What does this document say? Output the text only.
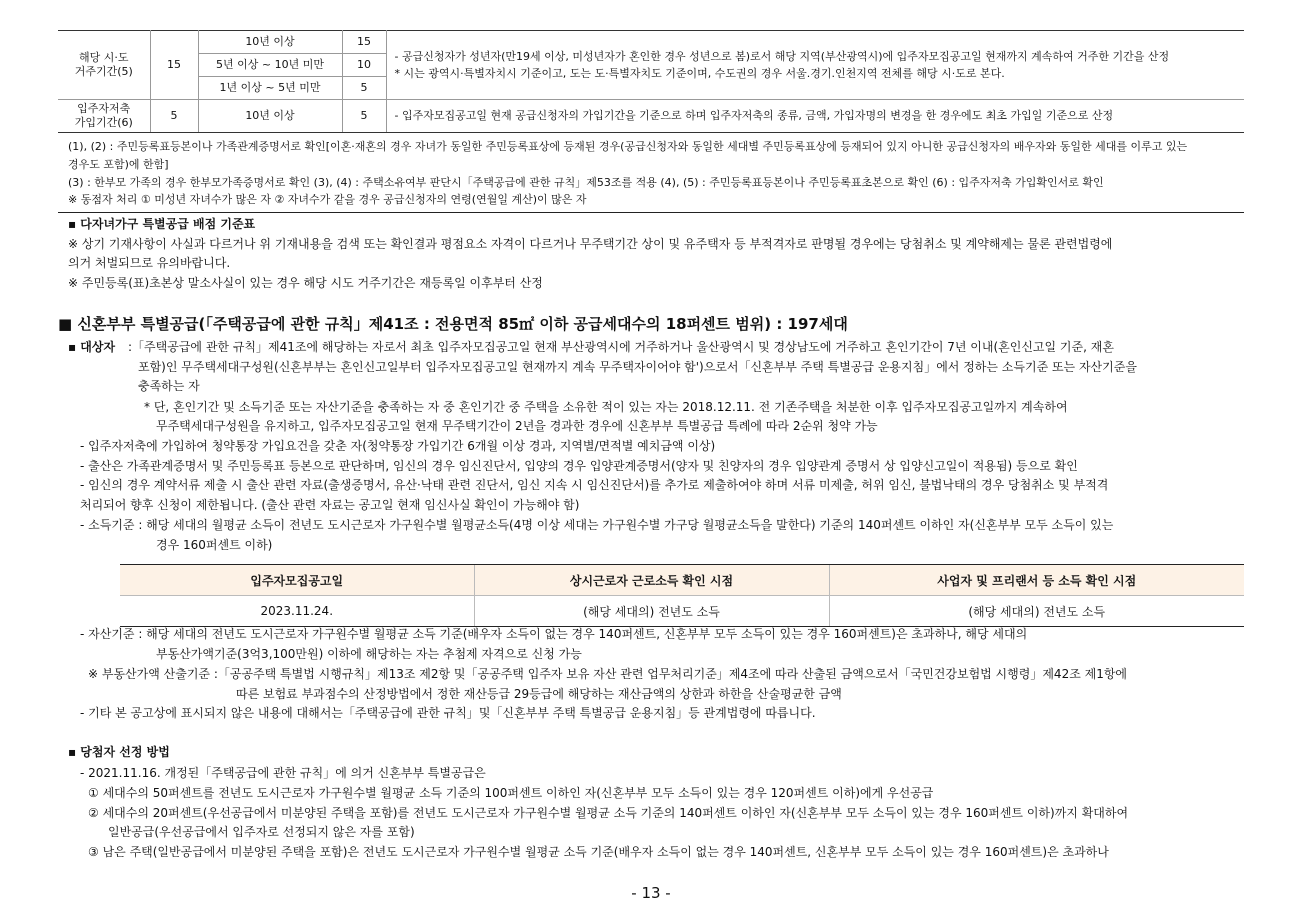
해당 시·도
거주기간(5)	15	10년 이상	15	- 공급신청자가 성년자(만19세 이상, 미성년자가 혼인한 경우 성년으로 봄)로서 해당 지역(부산광역시)에 입주자모집공고일 현재까지 계속하여 거주한 기간을 산정
* 시는 광역시·특별자치시 기준이고, 도는 도·특별자치도 기준이며, 수도권의 경우 서울.경기.인천지역 전체를 해당 시·도로 본다.
		5년 이상 ~ 10년 미만	10	
		1년 이상 ~ 5년 미만	5	
입주자저축
가입기간(6)	5	10년 이상	5	- 입주자모집공고일 현재 공급신청자의 가입기간을 기준으로 하며 입주자저축의 종류, 금액, 가입자명의 변경을 한 경우에도 최초 가입일 기준으로 산정
(1), (2) : 주민등록표등본이나 가족관계증명서로 확인[이혼·재혼의 경우 자녀가 동일한 주민등록표상에 등재된 경우(공급신청자와 동일한 세대별 주민등록표상에 등재되어 있지 아니한 공급신청자의 배우자와 동일한 세대를 이루고 있는
경우도 포함)에 한함]
(3) : 한부모 가족의 경우 한부모가족증명서로 확인 (3), (4) : 주택소유여부 판단시「주택공급에 관한 규칙」제53조를 적용 (4), (5) : 주민등록표등본이나 주민등록표초본으로 확인 (6) : 입주자저축 가입확인서로 확인
※ 동점자 처리 ① 미성년 자녀수가 많은 자 ② 자녀수가 같을 경우 공급신청자의 연령(연월일 계산)이 많은 자
▪ 다자녀가구 특별공급 배점 기준표
※ 상기 기재사항이 사실과 다르거나 위 기재내용을 검색 또는 확인결과 평점요소 자격이 다르거나 무주택기간 상이 및 유주택자 등 부적격자로 판명될 경우에는 당첨취소 및 계약해제는 물론 관련법령에
의거 처벌되므로 유의바랍니다.
※ 주민등록(표)초본상 말소사실이 있는 경우 해당 시도 거주기간은 재등록일 이후부터 산정
■ 신혼부부 특별공급(「주택공급에 관한 규칙」제41조 : 전용면적 85㎡ 이하 공급세대수의 18퍼센트 범위) : 197세대
▪ 대상자 :「주택공급에 관한 규칙」제41조에 해당하는 자로서 최초 입주자모집공고일 현재 부산광역시에 거주하거나 울산광역시 및 경상남도에 거주하고 혼인기간이 7년 이내(혼인신고일 기준, 재혼
포함)인 무주택세대구성원(신혼부부는 혼인신고일부터 입주자모집공고일 현재까지 계속 무주택자이어야 함')으로서「신혼부부 주택 특별공급 운용지침」에서 정하는 소득기준 또는 자산기준을
충족하는 자
* 단, 혼인기간 및 소득기준 또는 자산기준을 충족하는 자 중 혼인기간 중 주택을 소유한 적이 있는 자는 2018.12.11. 전 기존주택을 처분한 이후 입주자모집공고일까지 계속하여
무주택세대구성원을 유지하고, 입주자모집공고일 현재 무주택기간이 2년을 경과한 경우에 신혼부부 특별공급 특례에 따라 2순위 청약 가능
- 입주자저축에 가입하여 청약통장 가입요건을 갖춘 자(청약통장 가입기간 6개월 이상 경과, 지역별/면적별 예치금액 이상)
- 출산은 가족관계증명서 및 주민등록표 등본으로 판단하며, 임신의 경우 임신진단서, 입양의 경우 입양관계증명서(양자 및 친양자의 경우 입양관계 증명서 상 입양신고일이 적용됨) 등으로 확인
- 임신의 경우 계약서류 제출 시 출산 관련 자료(출생증명서, 유산·낙태 관련 진단서, 임신 지속 시 임신진단서)를 추가로 제출하여야 하며 서류 미제출, 허위 임신, 불법낙태의 경우 당첨취소 및 부적격
처리되어 향후 신청이 제한됩니다. (출산 관련 자료는 공고일 현재 임신사실 확인이 가능해야 함)
- 소득기준 : 해당 세대의 월평균 소득이 전년도 도시근로자 가구원수별 월평균소득(4명 이상 세대는 가구원수별 가구당 월평균소득을 말한다) 기준의 140퍼센트 이하인 자(신혼부부 모두 소득이 있는
경우 160퍼센트 이하)
입주자모집공고일	상시근로자 근로소득 확인 시점	사업자 및 프리랜서 등 소득 확인 시점
2023.11.24.	(해당 세대의) 전년도 소득	(해당 세대의) 전년도 소득
- 자산기준 : 해당 세대의 전년도 도시근로자 가구원수별 월평균 소득 기준(배우자 소득이 없는 경우 140퍼센트, 신혼부부 모두 소득이 있는 경우 160퍼센트)은 초과하나, 해당 세대의
부동산가액기준(3억3,100만원) 이하에 해당하는 자는 추첨제 자격으로 신청 가능
※ 부동산가액 산출기준 :「공공주택 특별법 시행규칙」제13조 제2항 및「공공주택 입주자 보유 자산 관련 업무처리기준」제4조에 따라 산출된 금액으로서「국민건강보험법 시행령」제42조 제1항에
따른 보험료 부과점수의 산정방법에서 정한 재산등급 29등급에 해당하는 재산금액의 상한과 하한을 산술평균한 금액
- 기타 본 공고상에 표시되지 않은 내용에 대해서는「주택공급에 관한 규칙」및「신혼부부 주택 특별공급 운용지침」등 관계법령에 따릅니다.
▪ 당첨자 선정 방법
- 2021.11.16. 개정된「주택공급에 관한 규칙」에 의거 신혼부부 특별공급은
① 세대수의 50퍼센트를 전년도 도시근로자 가구원수별 월평균 소득 기준의 100퍼센트 이하인 자(신혼부부 모두 소득이 있는 경우 120퍼센트 이하)에게 우선공급
② 세대수의 20퍼센트(우선공급에서 미분양된 주택을 포함)를 전년도 도시근로자 가구원수별 월평균 소득 기준의 140퍼센트 이하인 자(신혼부부 모두 소득이 있는 경우 160퍼센트 이하)까지 확대하여
일반공급(우선공급에서 입주자로 선정되지 않은 자를 포함)
③ 남은 주택(일반공급에서 미분양된 주택을 포함)은 전년도 도시근로자 가구원수별 월평균 소득 기준(배우자 소득이 없는 경우 140퍼센트, 신혼부부 모두 소득이 있는 경우 160퍼센트)은 초과하나
- 13 -
